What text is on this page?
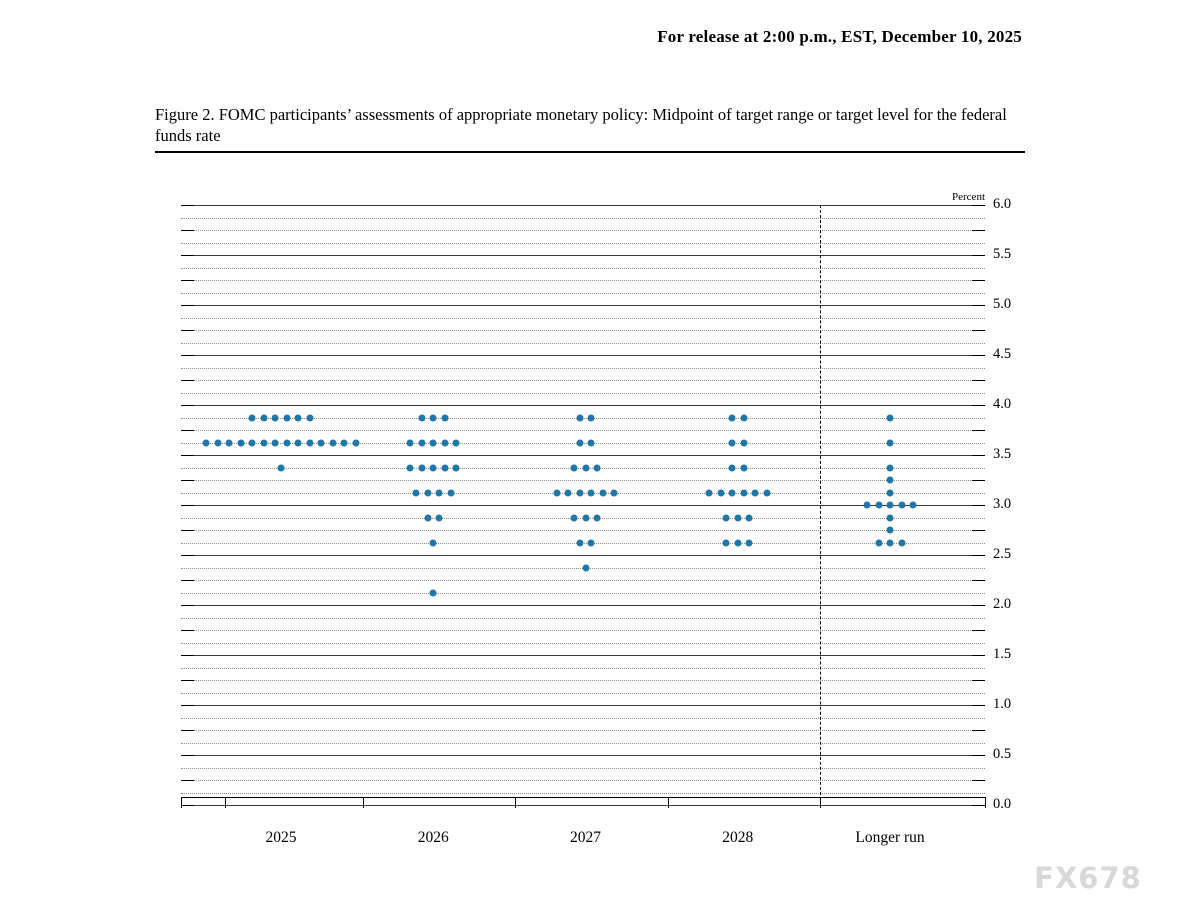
For release at 2:00 p.m., EST, December 10, 2025
Figure 2. FOMC participants’ assessments of appropriate monetary policy: Midpoint of target range or target level for the federal funds rate
Percent
0.0
0.5
1.0
1.5
2.0
2.5
3.0
3.5
4.0
4.5
5.0
5.5
6.0
2025	2026	2027	2028	Longer run
FX678
